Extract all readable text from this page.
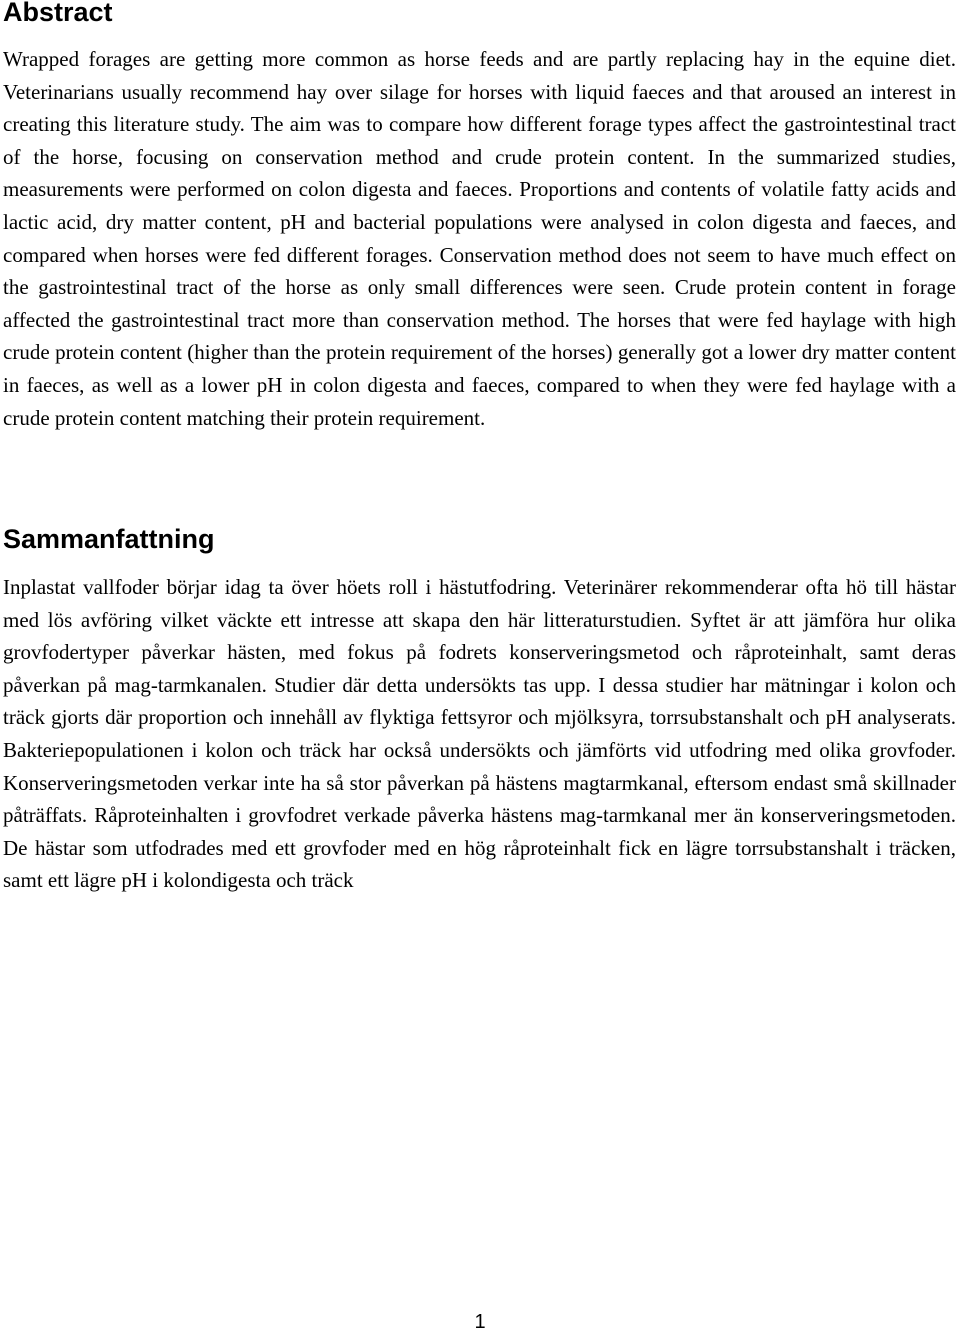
Abstract

Wrapped forages are getting more common as horse feeds and are partly replacing hay in the equine diet. Veterinarians usually recommend hay over silage for horses with liquid faeces and that aroused an interest in creating this literature study. The aim was to compare how different forage types affect the gastrointestinal tract of the horse, focusing on conservation method and crude protein content. In the summarized studies, measurements were performed on colon digesta and faeces. Proportions and contents of volatile fatty acids and lactic acid, dry matter content, pH and bacterial populations were analysed in colon digesta and faeces, and compared when horses were fed different forages. Conservation method does not seem to have much effect on the gastrointestinal tract of the horse as only small differences were seen. Crude protein content in forage affected the gastrointestinal tract more than conservation method. The horses that were fed haylage with high crude protein content (higher than the protein requirement of the horses) generally got a lower dry matter content in faeces, as well as a lower pH in colon digesta and faeces, compared to when they were fed haylage with a crude protein content matching their protein requirement.

Sammanfattning

Inplastat vallfoder börjar idag ta över höets roll i hästutfodring. Veterinärer rekommenderar ofta hö till hästar med lös avföring vilket väckte ett intresse att skapa den här litteraturstudien. Syftet är att jämföra hur olika grovfodertyper påverkar hästen, med fokus på fodrets konserveringsmetod och råproteinhalt, samt deras påverkan på mag-tarmkanalen. Studier där detta undersökts tas upp. I dessa studier har mätningar i kolon och träck gjorts där proportion och innehåll av flyktiga fettsyror och mjölksyra, torrsubstanshalt och pH analyserats. Bakteriepopulationen i kolon och träck har också undersökts och jämförts vid utfodring med olika grovfoder. Konserveringsmetoden verkar inte ha så stor påverkan på hästens magtarmkanal, eftersom endast små skillnader påträffats. Råproteinhalten i grovfodret verkade påverka hästens mag-tarmkanal mer än konserveringsmetoden. De hästar som utfodrades med ett grovfoder med en hög råproteinhalt fick en lägre torrsubstanshalt i träcken, samt ett lägre pH i kolondigesta och träck

1
